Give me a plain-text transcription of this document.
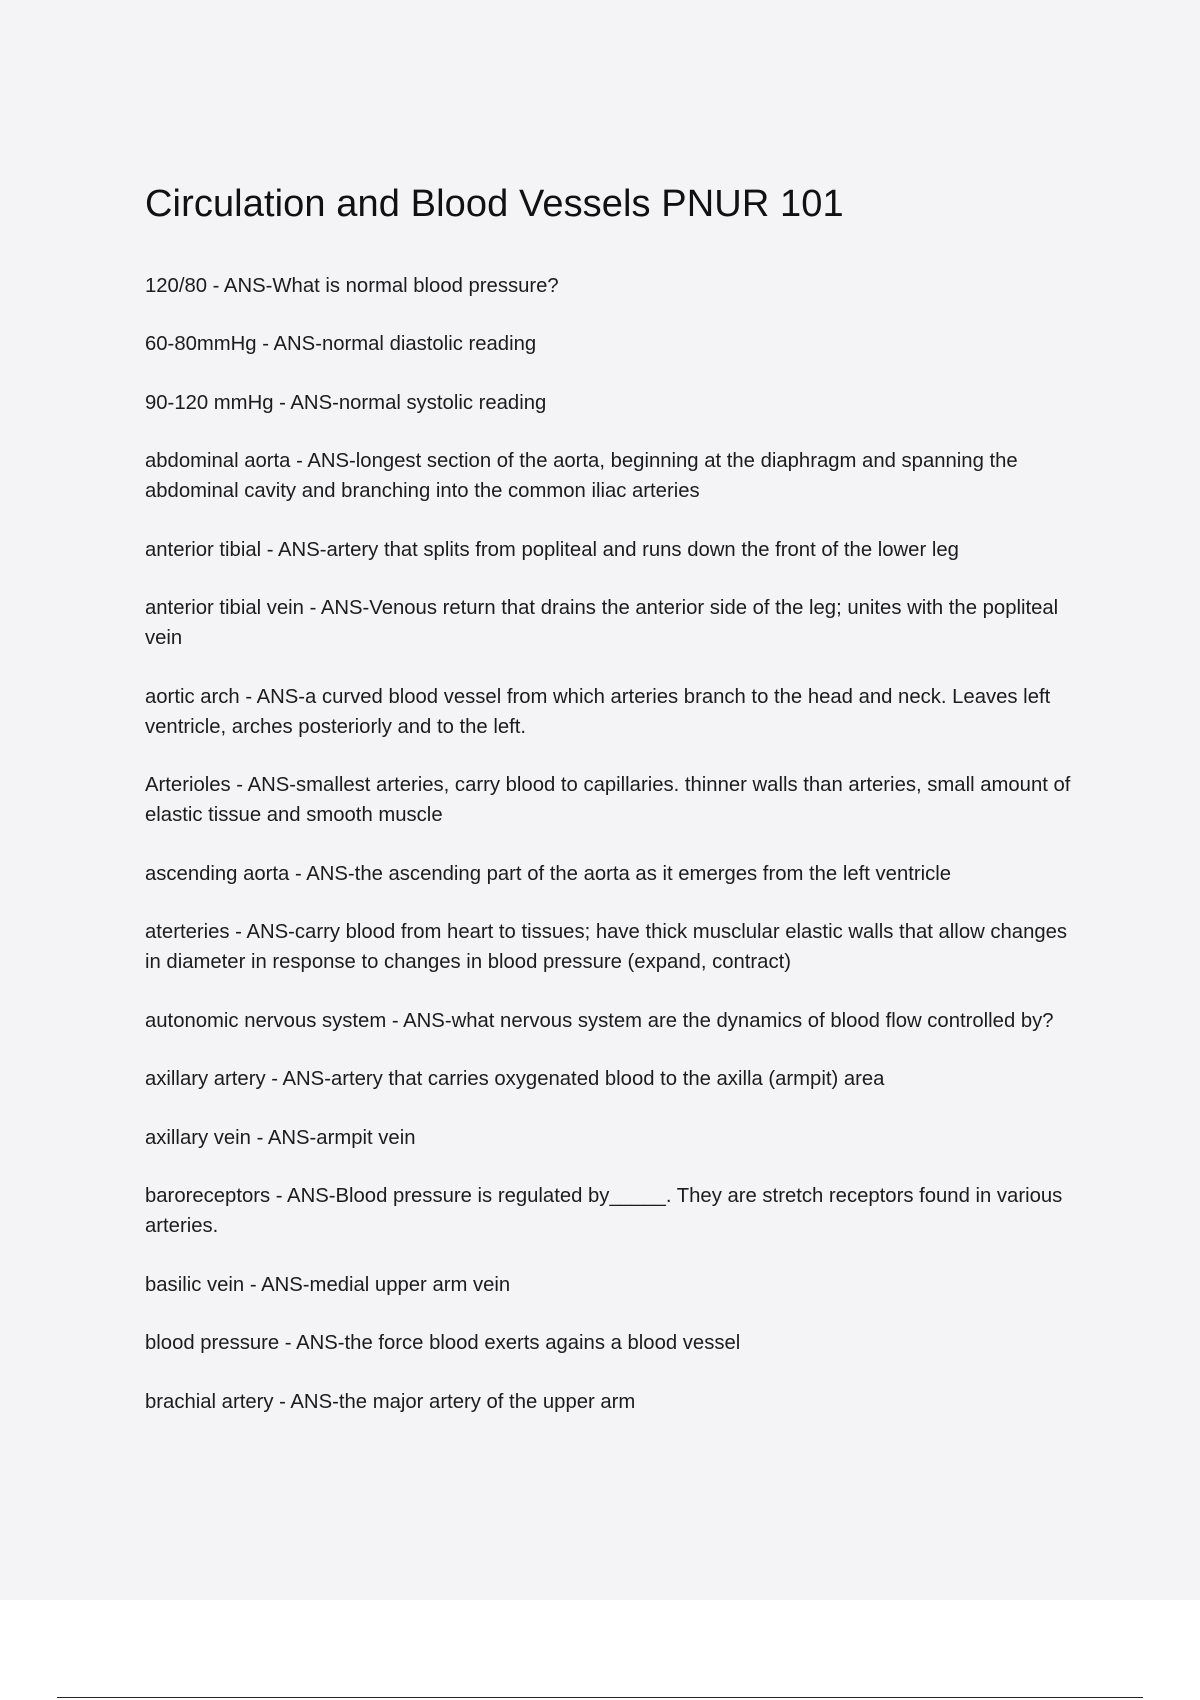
Circulation and Blood Vessels PNUR 101
120/80 - ANS-What is normal blood pressure?
60-80mmHg - ANS-normal diastolic reading
90-120 mmHg - ANS-normal systolic reading
abdominal aorta - ANS-longest section of the aorta, beginning at the diaphragm and spanning the abdominal cavity and branching into the common iliac arteries
anterior tibial - ANS-artery that splits from popliteal and runs down the front of the lower leg
anterior tibial vein - ANS-Venous return that drains the anterior side of the leg; unites with the popliteal vein
aortic arch - ANS-a curved blood vessel from which arteries branch to the head and neck. Leaves left ventricle, arches posteriorly and to the left.
Arterioles - ANS-smallest arteries, carry blood to capillaries. thinner walls than arteries, small amount of elastic tissue and smooth muscle
ascending aorta - ANS-the ascending part of the aorta as it emerges from the left ventricle
aterteries - ANS-carry blood from heart to tissues; have thick musclular elastic walls that allow changes in diameter in response to changes in blood pressure (expand, contract)
autonomic nervous system - ANS-what nervous system are the dynamics of blood flow controlled by?
axillary artery - ANS-artery that carries oxygenated blood to the axilla (armpit) area
axillary vein - ANS-armpit vein
baroreceptors - ANS-Blood pressure is regulated by_____. They are stretch receptors found in various arteries.
basilic vein - ANS-medial upper arm vein
blood pressure - ANS-the force blood exerts agains a blood vessel
brachial artery - ANS-the major artery of the upper arm
